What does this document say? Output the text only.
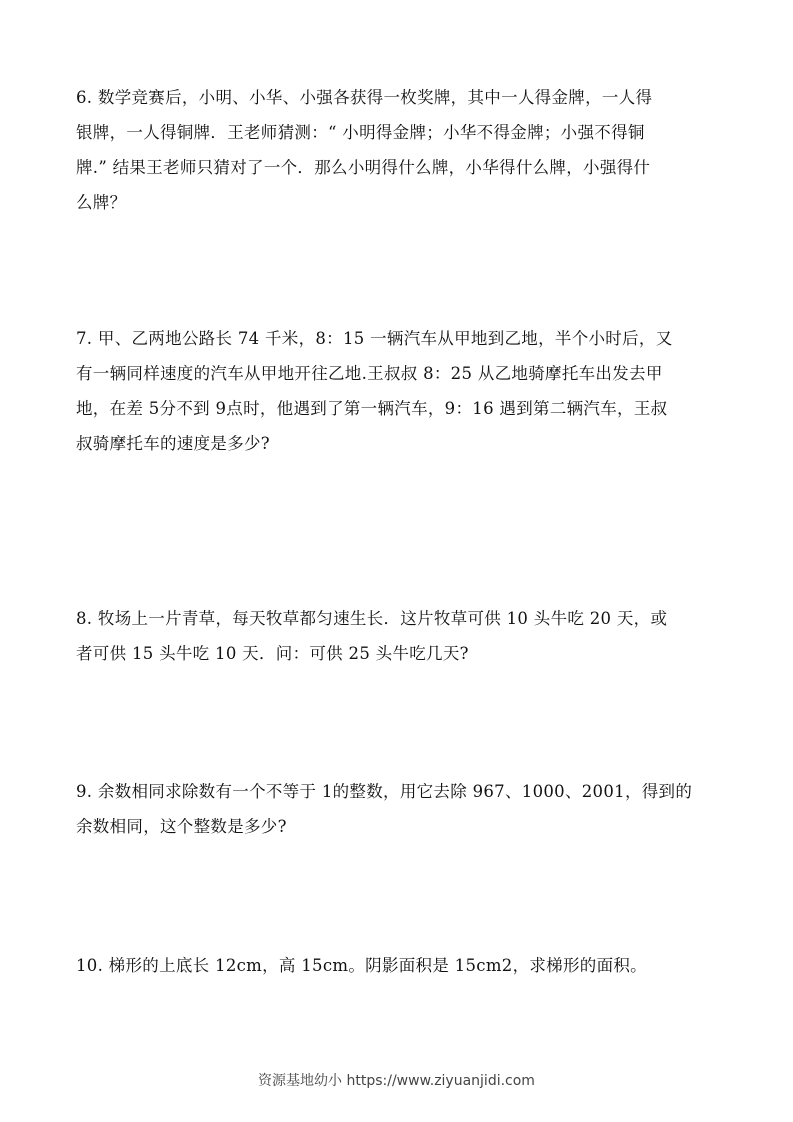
6. 数学竞赛后，小明、小华、小强各获得一枚奖牌，其中一人得金牌，一人得
银牌，一人得铜牌．王老师猜测：“ 小明得金牌；小华不得金牌；小强不得铜
牌.” 结果王老师只猜对了一个．那么小明得什么牌，小华得什么牌，小强得什
么牌？
7. 甲、乙两地公路长 74 千米，8：15 一辆汽车从甲地到乙地，半个小时后，又
有一辆同样速度的汽车从甲地开往乙地.王叔叔 8：25 从乙地骑摩托车出发去甲
地，在差 5分不到 9点时，他遇到了第一辆汽车，9：16 遇到第二辆汽车，王叔
叔骑摩托车的速度是多少?
8. 牧场上一片青草，每天牧草都匀速生长．这片牧草可供 10 头牛吃 20 天，或
者可供 15 头牛吃 10 天．问：可供 25 头牛吃几天?
9. 余数相同求除数有一个不等于 1的整数，用它去除 967、1000、2001，得到的
余数相同，这个整数是多少?
10. 梯形的上底长 12cm，高 15cm。阴影面积是 15cm2，求梯形的面积。
资源基地幼小 https://www.ziyuanjidi.com
